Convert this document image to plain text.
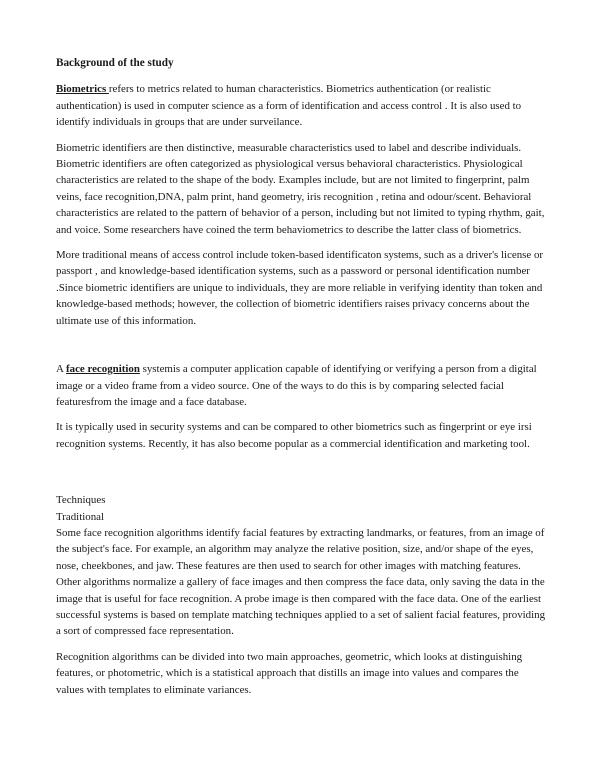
Background of the study

Biometrics refers to metrics related to human characteristics. Biometrics authentication (or realistic authentication) is used in computer science as a form of identification and access control . It is also used to identify individuals in groups that are under surveilance.

Biometric identifiers are then distinctive, measurable characteristics used to label and describe individuals. Biometric identifiers are often categorized as physiological versus behavioral characteristics. Physiological characteristics are related to the shape of the body. Examples include, but are not limited to fingerprint, palm veins, face recognition,DNA, palm print, hand geometry, iris recognition , retina and odour/scent. Behavioral characteristics are related to the pattern of behavior of a person, including but not limited to typing rhythm, gait, and voice. Some researchers have coined the term behaviometrics to describe the latter class of biometrics.

More traditional means of access control include token-based identificaton systems, such as a driver's license or passport , and knowledge-based identification systems, such as a password or personal identification number .Since biometric identifiers are unique to individuals, they are more reliable in verifying identity than token and knowledge-based methods; however, the collection of biometric identifiers raises privacy concerns about the ultimate use of this information.

A face recognition systemis a computer application capable of identifying or verifying a person from a digital image or a video frame from a video source. One of the ways to do this is by comparing selected facial featuresfrom the image and a face database.

It is typically used in security systems and can be compared to other biometrics such as fingerprint or eye irsi recognition systems. Recently, it has also become popular as a commercial identification and marketing tool.

Techniques
Traditional

Some face recognition algorithms identify facial features by extracting landmarks, or features, from an image of the subject's face. For example, an algorithm may analyze the relative position, size, and/or shape of the eyes, nose, cheekbones, and jaw. These features are then used to search for other images with matching features. Other algorithms normalize a gallery of face images and then compress the face data, only saving the data in the image that is useful for face recognition. A probe image is then compared with the face data. One of the earliest successful systems is based on template matching techniques applied to a set of salient facial features, providing a sort of compressed face representation.

Recognition algorithms can be divided into two main approaches, geometric, which looks at distinguishing features, or photometric, which is a statistical approach that distills an image into values and compares the values with templates to eliminate variances.
